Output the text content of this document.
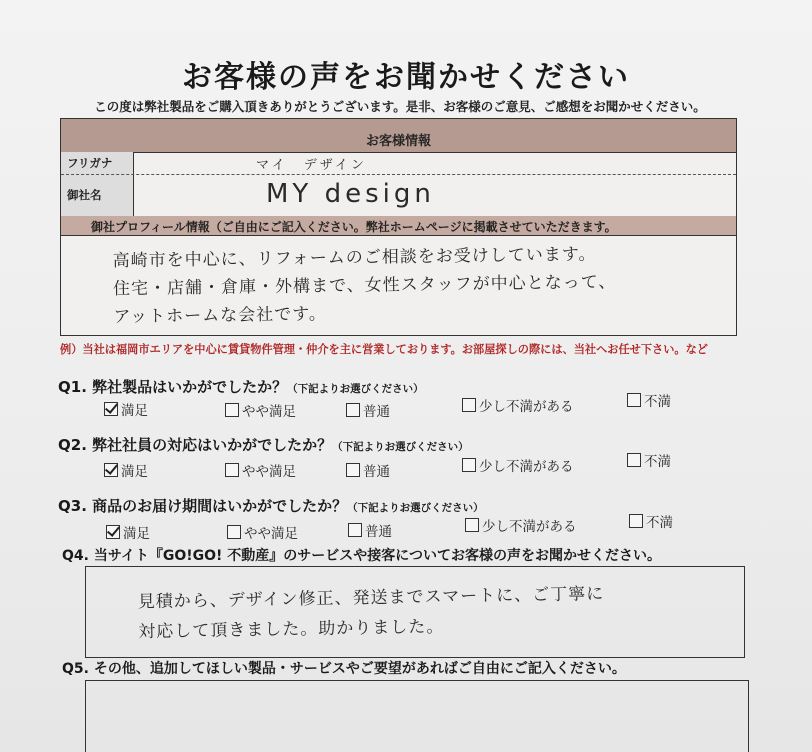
お客様の声をお聞かせください
この度は弊社製品をご購入頂きありがとうございます。是非、お客様のご意見、ご感想をお聞かせください。
お客様情報
フリガナ	マイ　デザイン
御社名	MY design
御社プロフィール情報（ご自由にご記入ください。弊社ホームページに掲載させていただきます。
高崎市を中心に、リフォームのご相談をお受けしています。
住宅・店舗・倉庫・外構まで、女性スタッフが中心となって、
アットホームな会社です。
例）当社は福岡市エリアを中心に賃貸物件管理・仲介を主に営業しております。お部屋探しの際には、当社へお任せ下さい。など
Q1. 弊社製品はいかがでしたか？（下記よりお選びください）
満足	やや満足	普通	少し不満がある	不満
Q2. 弊社社員の対応はいかがでしたか？（下記よりお選びください）
満足	やや満足	普通	少し不満がある	不満
Q3. 商品のお届け期間はいかがでしたか？（下記よりお選びください）
満足	やや満足	普通	少し不満がある	不満
Q4. 当サイト『GO!GO! 不動産』のサービスや接客についてお客様の声をお聞かせください。
見積から、デザイン修正、発送までスマートに、ご丁寧に
対応して頂きました。助かりました。
Q5. その他、追加してほしい製品・サービスやご要望があればご自由にご記入ください。
